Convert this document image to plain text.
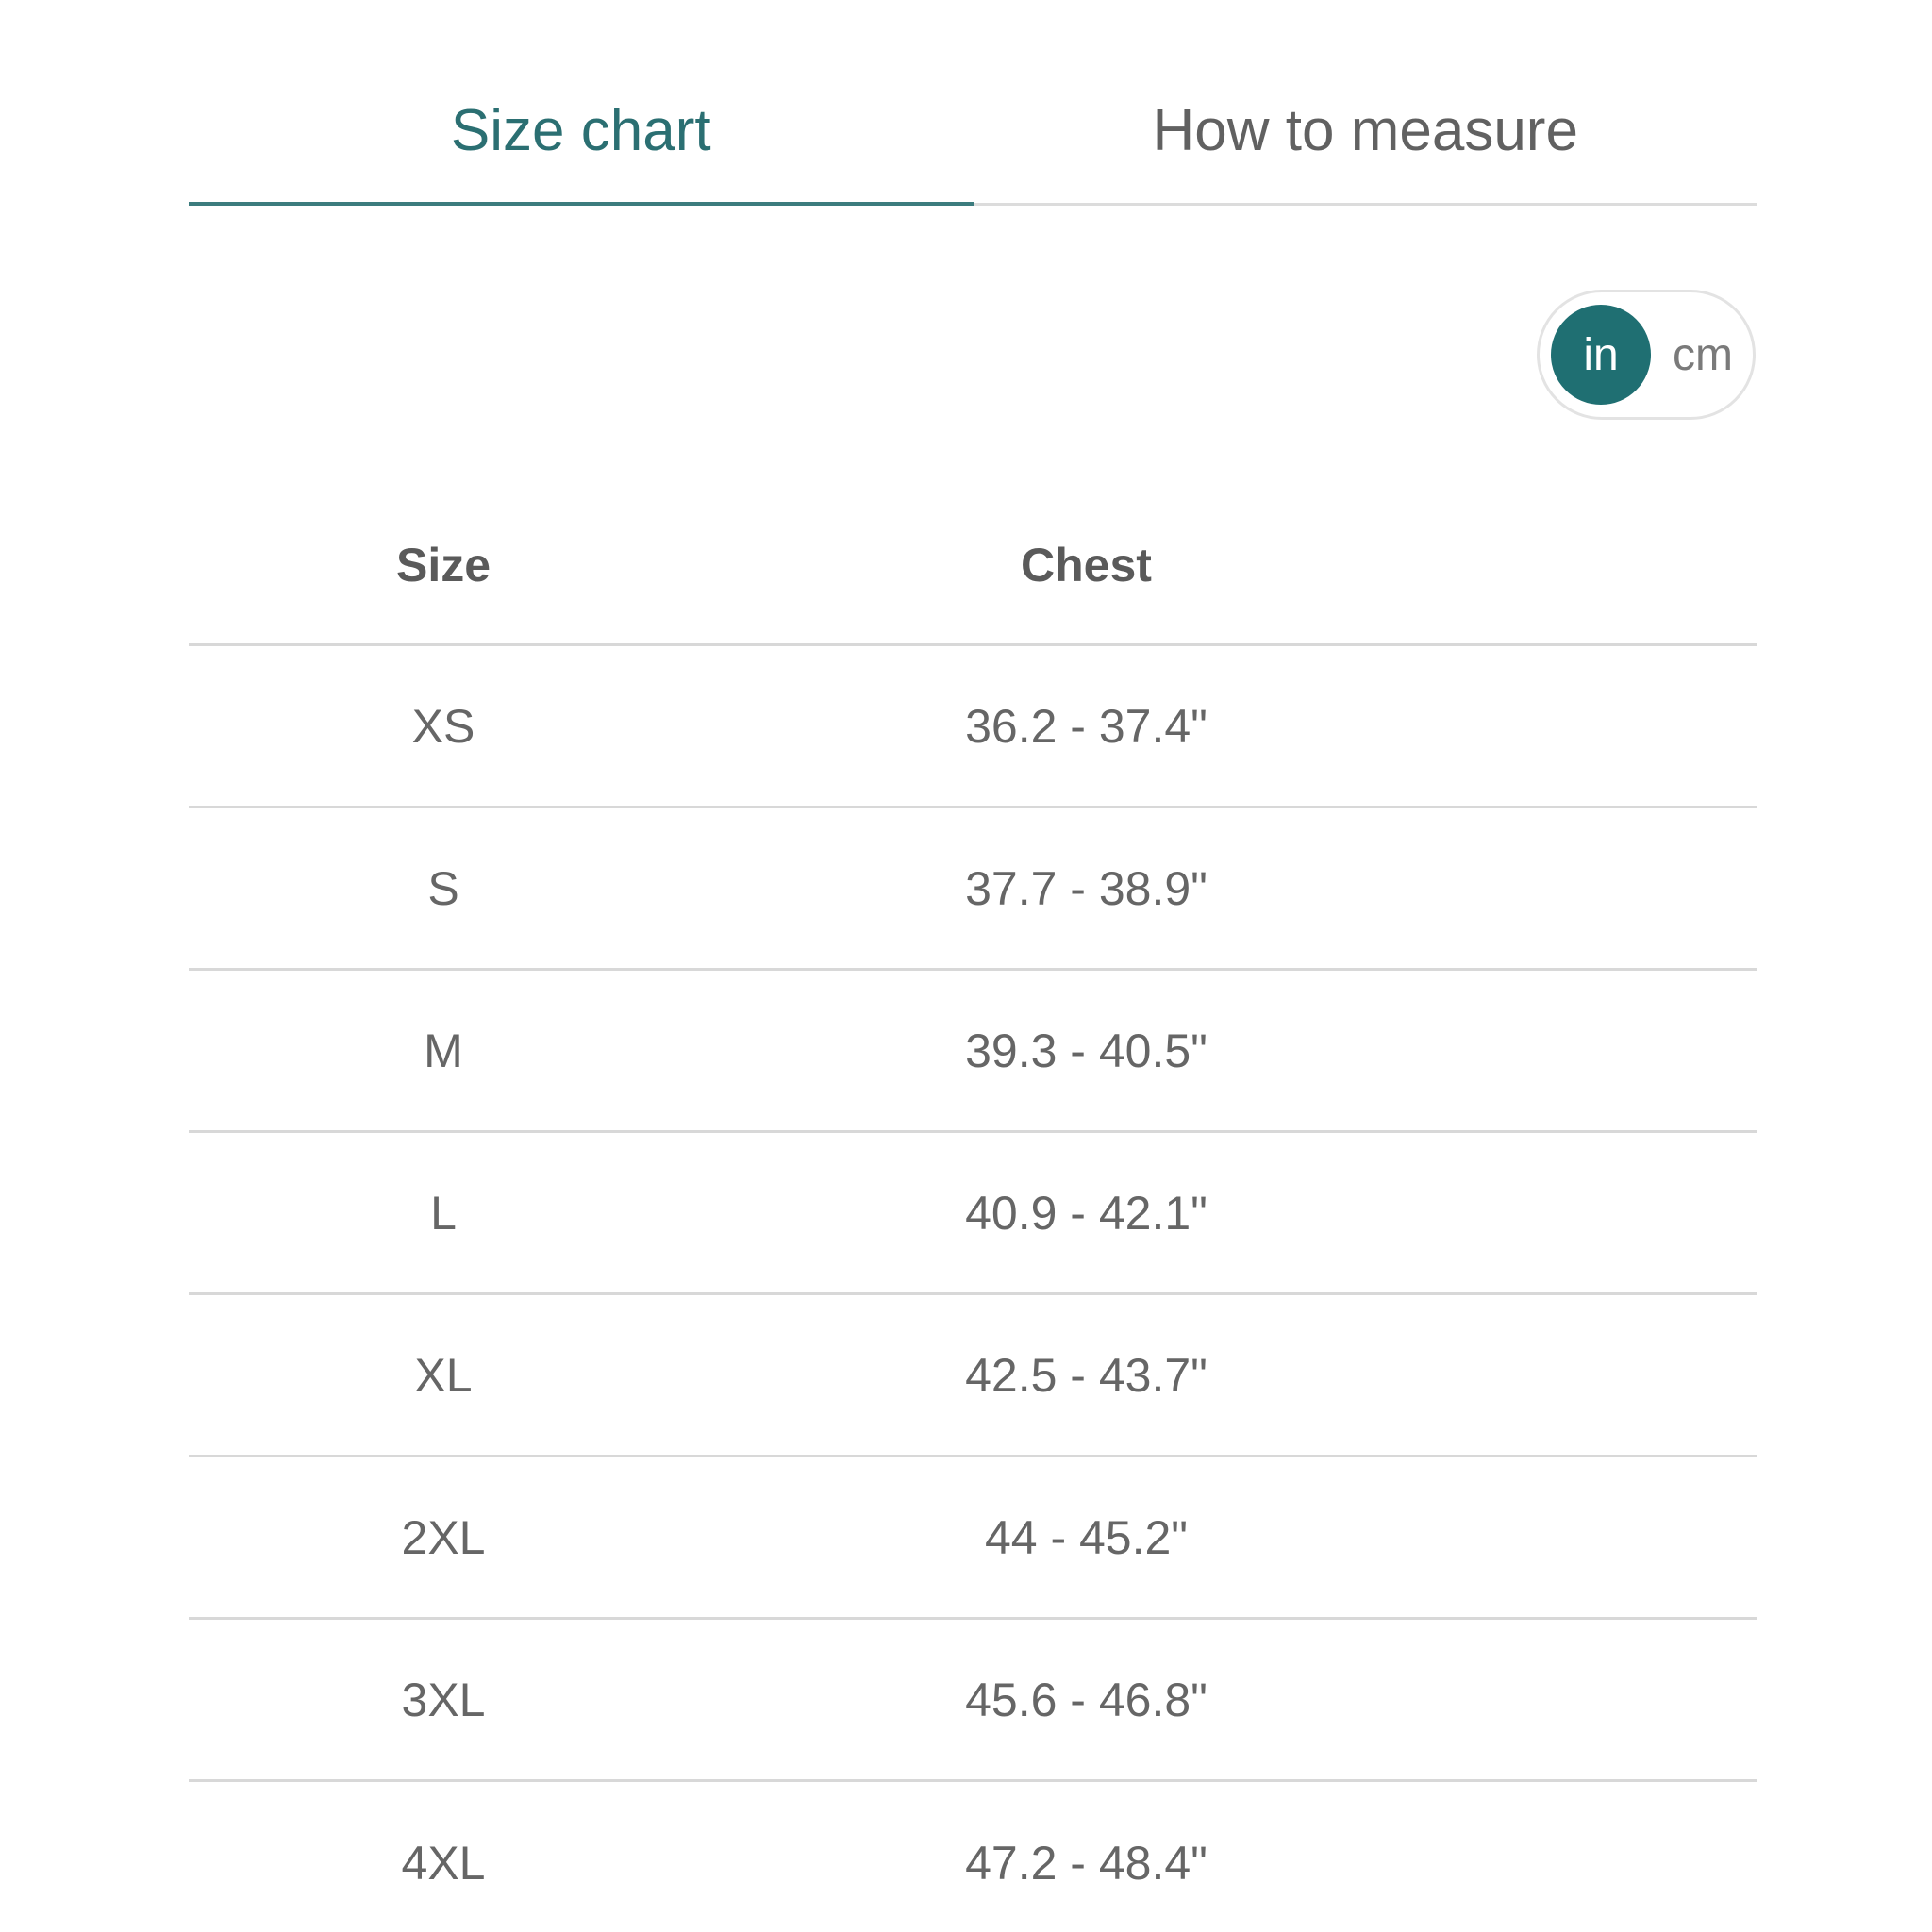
Size chart	How to measure
in cm
Size	Chest
XS	36.2 - 37.4"
S	37.7 - 38.9"
M	39.3 - 40.5"
L	40.9 - 42.1"
XL	42.5 - 43.7"
2XL	44 - 45.2"
3XL	45.6 - 46.8"
4XL	47.2 - 48.4"
